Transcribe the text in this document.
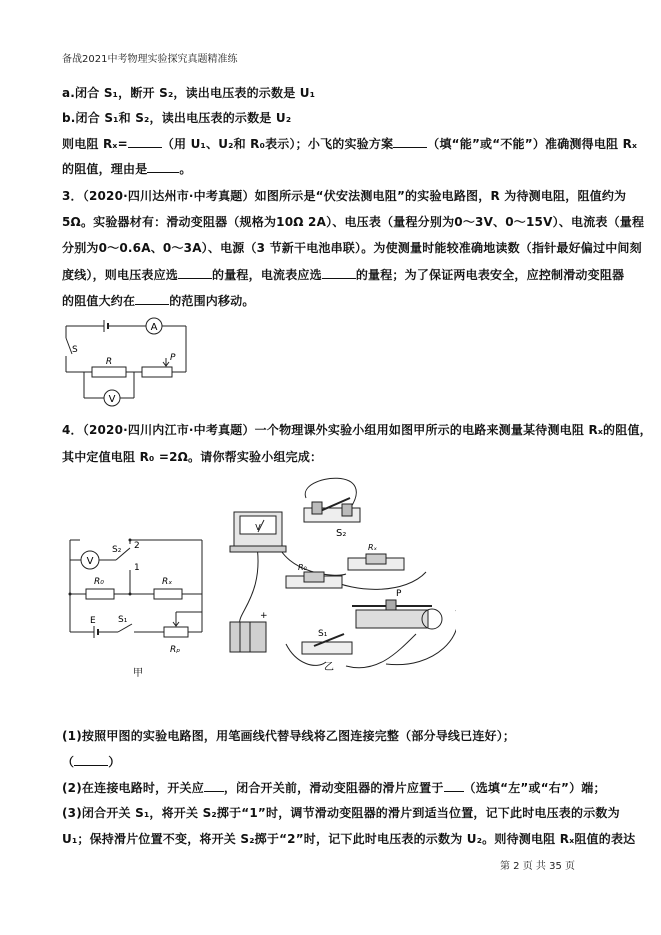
备战2021中考物理实验探究真题精准练
a.闭合 S₁，断开 S₂，读出电压表的示数是 U₁
b.闭合 S₁和 S₂，读出电压表的示数是 U₂
则电阻 Rₓ=	（用 U₁、U₂和 R₀表示）；小飞的实验方案	（填“能”或“不能”）准确测得电阻 Rₓ
的阻值，理由是	。
3．（2020·四川达州市·中考真题）如图所示是“伏安法测电阻”的实验电路图，R 为待测电阻，阻值约为
5Ω。实验器材有：滑动变阻器（规格为10Ω 2A）、电压表（量程分别为0～3V、0～15V）、电流表（量程
分别为0～0.6A、0～3A）、电源（3 节新干电池串联）。为使测量时能较准确地读数（指针最好偏过中间刻
度线），则电压表应选	的量程，电流表应选	的量程；为了保证两电表安全，应控制滑动变阻器
的阻值大约在	的范围内移动。
A
S
R	P
V
4．（2020·四川内江市·中考真题）一个物理课外实验小组用如图甲所示的电路来测量某待测电阻 Rₓ的阻值，
其中定值电阻 R₀ =2Ω。请你帮实验小组完成：
V
S₂ 2
1
R₀	Rₓ
E S₁
Rₚ
甲
V
S₂
Rₓ
R₀
P
+
S₁
乙
(1)按照甲图的实验电路图，用笔画线代替导线将乙图连接完整（部分导线已连好）；
（	）
(2)在连接电路时，开关应 ，闭合开关前，滑动变阻器的滑片应置于 （选填“左”或“右”）端；
(3)闭合开关 S₁，将开关 S₂掷于“1”时，调节滑动变阻器的滑片到适当位置，记下此时电压表的示数为
U₁；保持滑片位置不变，将开关 S₂掷于“2”时，记下此时电压表的示数为 U₂。则待测电阻 Rₓ阻值的表达
第 2 页 共 35 页
